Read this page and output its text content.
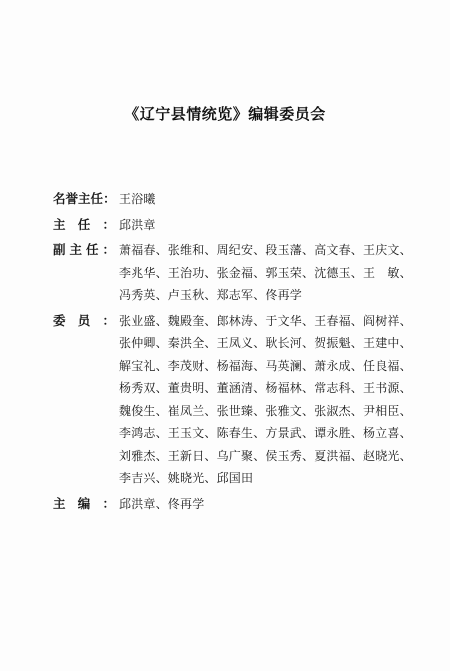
《辽宁县情统览》编辑委员会
名 誉 主 任 ： 王浴曦
主 任 ： 邱洪章
副 主 任 ： 萧福春、张维和、周纪安、段玉藩、高文春、王庆文、
李兆华、王治功、张金福、郭玉荣、沈德玉、王　敏、
冯秀英、卢玉秋、郑志军、佟再学
委 员 ： 张业盛、魏殿奎、郎林涛、于文华、王春福、阎树祥、
张仲卿、秦洪全、王凤义、耿长河、贺振魁、王建中、
解宝礼、李茂财、杨福海、马英澜、萧永成、任良福、
杨秀双、董贵明、董涵清、杨福林、常志科、王书源、
魏俊生、崔凤兰、张世臻、张雅文、张淑杰、尹相臣、
李鸿志、王玉文、陈春生、方景武、谭永胜、杨立喜、
刘雅杰、王新日、乌广聚、侯玉秀、夏洪福、赵晓光、
李吉兴、姚晓光、邱国田
主 编 ： 邱洪章、佟再学
